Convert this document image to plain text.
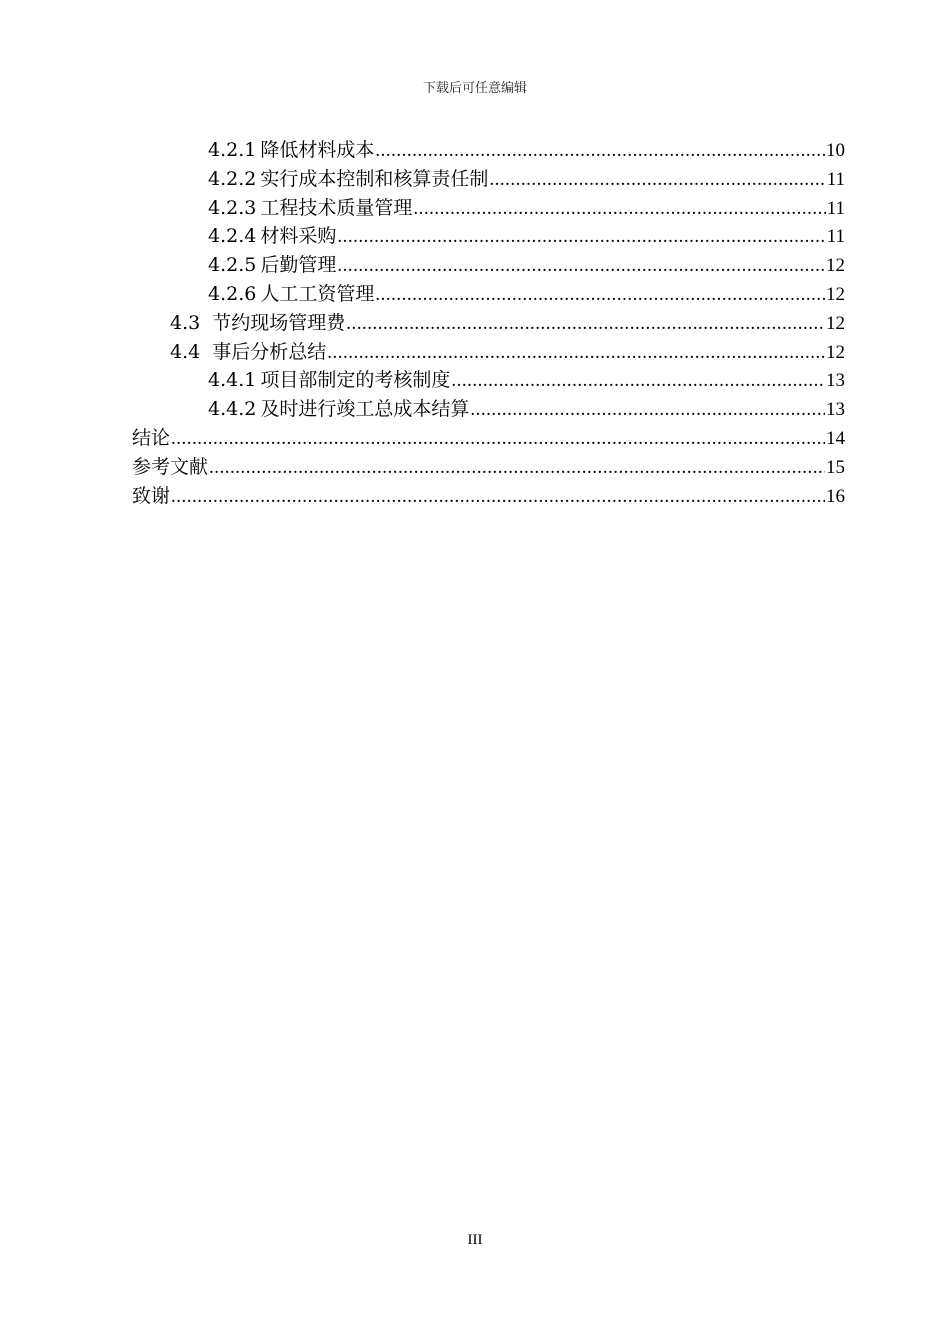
下载后可任意编辑
4.2.1 降低材料成本 .....	10
4.2.2 实行成本控制和核算责任制 .....	11
4.2.3 工程技术质量管理 .....	11
4.2.4 材料采购 .....	11
4.2.5 后勤管理 .....	12
4.2.6 人工工资管理 .....	12
4.3 节约现场管理费 .....	12
4.4 事后分析总结 .....	12
4.4.1 项目部制定的考核制度 .....	13
4.4.2 及时进行竣工总成本结算 .....	13
结论 .....	14
参考文献 .....	15
致谢 .....	16
III
